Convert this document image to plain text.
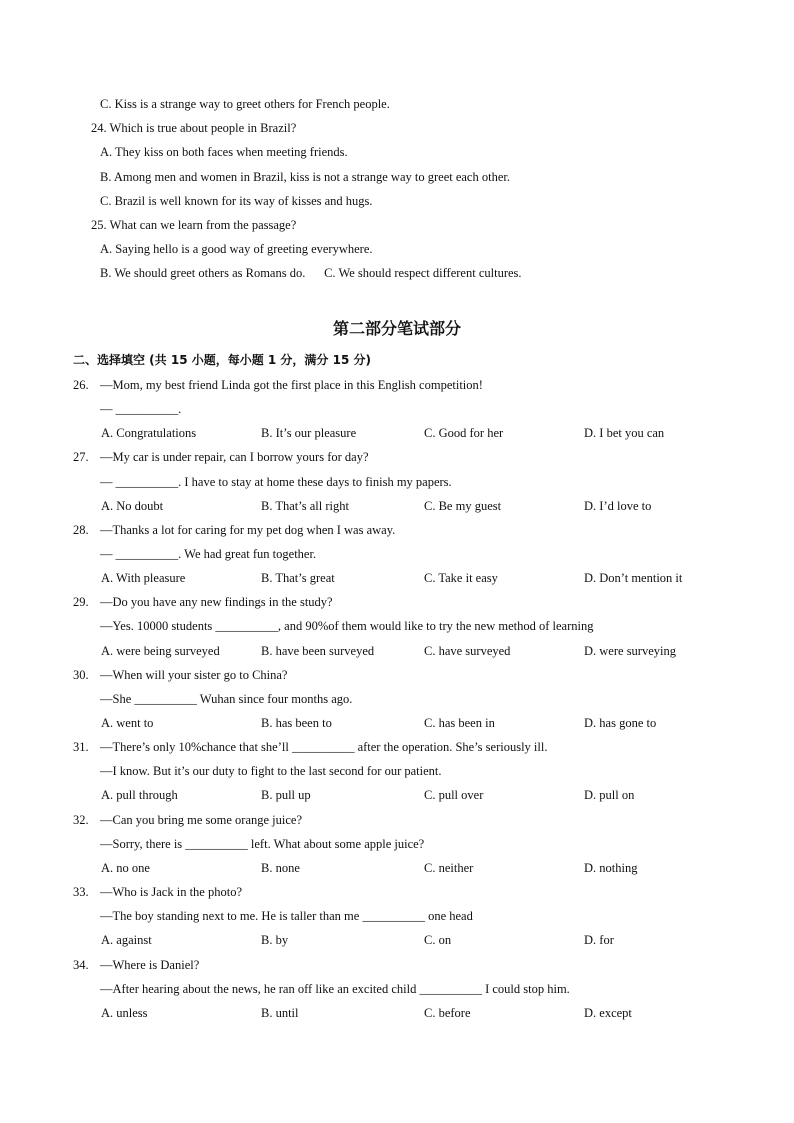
C. Kiss is a strange way to greet others for French people.
24. Which is true about people in Brazil?
A. They kiss on both faces when meeting friends.
B. Among men and women in Brazil, kiss is not a strange way to greet each other.
C. Brazil is well known for its way of kisses and hugs.
25. What can we learn from the passage?
A. Saying hello is a good way of greeting everywhere.
B. We should greet others as Romans do.      C. We should respect different cultures.
第二部分笔试部分
二、选择填空 (共 15 小题，每小题 1 分，满分 15 分)
26. —Mom, my best friend Linda got the first place in this English competition!
— __________.
A. Congratulations	B. It’s our pleasure	C. Good for her	D. I bet you can
27. —My car is under repair, can I borrow yours for day?
— __________. I have to stay at home these days to finish my papers.
A. No doubt	B. That’s all right	C. Be my guest	D. I’d love to
28. —Thanks a lot for caring for my pet dog when I was away.
— __________. We had great fun together.
A. With pleasure	B. That’s great	C. Take it easy	D. Don’t mention it
29. —Do you have any new findings in the study?
—Yes. 10000 students __________, and 90%of them would like to try the new method of learning
A. were being surveyed	B. have been surveyed	C. have surveyed	D. were surveying
30. —When will your sister go to China?
—She __________ Wuhan since four months ago.
A. went to	B. has been to	C. has been in	D. has gone to
31. —There’s only 10%chance that she’ll __________ after the operation. She’s seriously ill.
—I know. But it’s our duty to fight to the last second for our patient.
A. pull through	B. pull up	C. pull over	D. pull on
32. —Can you bring me some orange juice?
—Sorry, there is __________ left. What about some apple juice?
A. no one	B. none	C. neither	D. nothing
33. —Who is Jack in the photo?
—The boy standing next to me. He is taller than me __________ one head
A. against	B. by	C. on	D. for
34. —Where is Daniel?
—After hearing about the news, he ran off like an excited child __________ I could stop him.
A. unless	B. until	C. before	D. except
